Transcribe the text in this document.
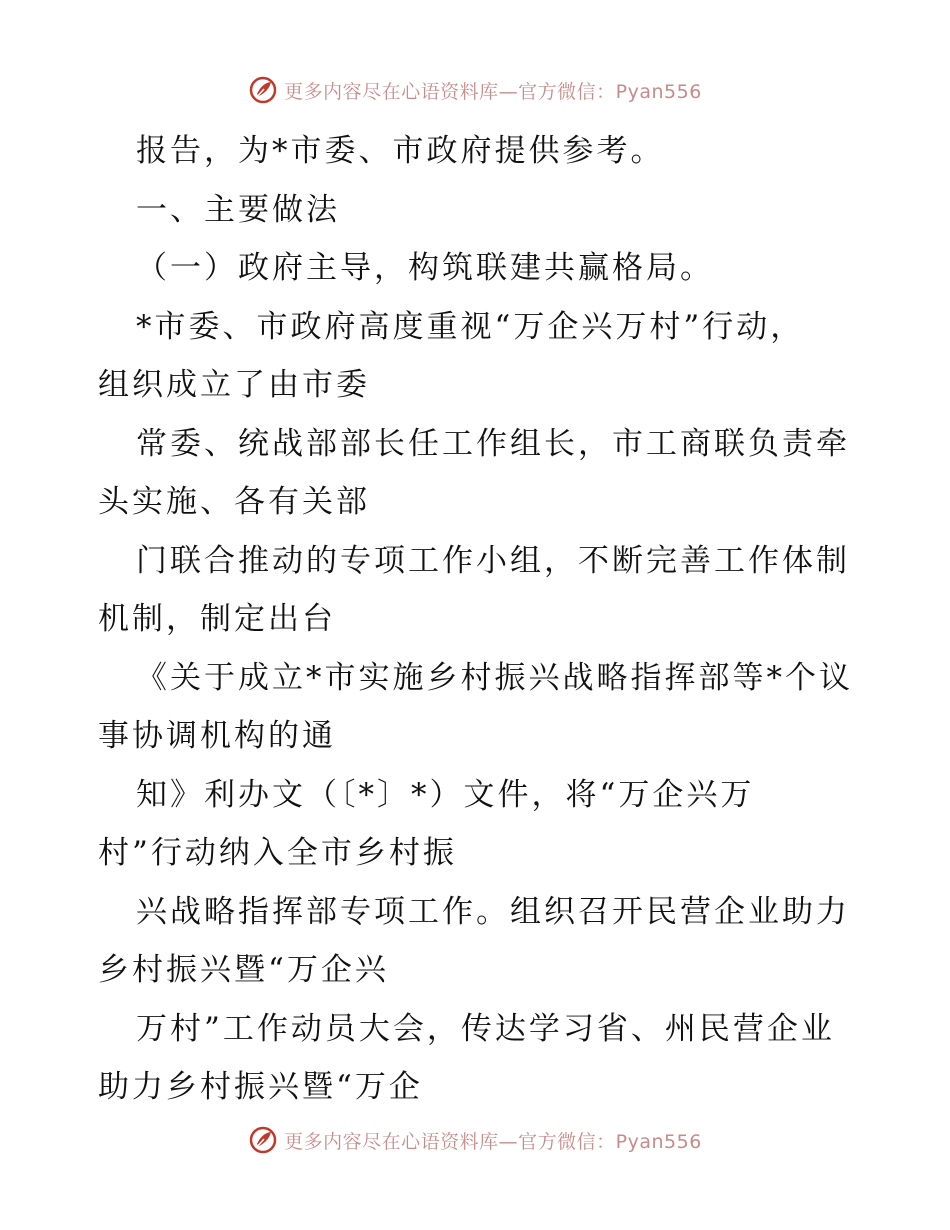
更多内容尽在心语资料库—官方微信：Pyan556
报告，为*市委、市政府提供参考。
一、主要做法
（一）政府主导，构筑联建共赢格局。
*市委、市政府高度重视“万企兴万村”行动，
组织成立了由市委
常委、统战部部长任工作组长，市工商联负责牵
头实施、各有关部
门联合推动的专项工作小组，不断完善工作体制
机制，制定出台
《关于成立*市实施乡村振兴战略指挥部等*个议
事协调机构的通
知》利办文（〔*〕*）文件，将“万企兴万
村”行动纳入全市乡村振
兴战略指挥部专项工作。组织召开民营企业助力
乡村振兴暨“万企兴
万村”工作动员大会，传达学习省、州民营企业
助力乡村振兴暨“万企
更多内容尽在心语资料库—官方微信：Pyan556
